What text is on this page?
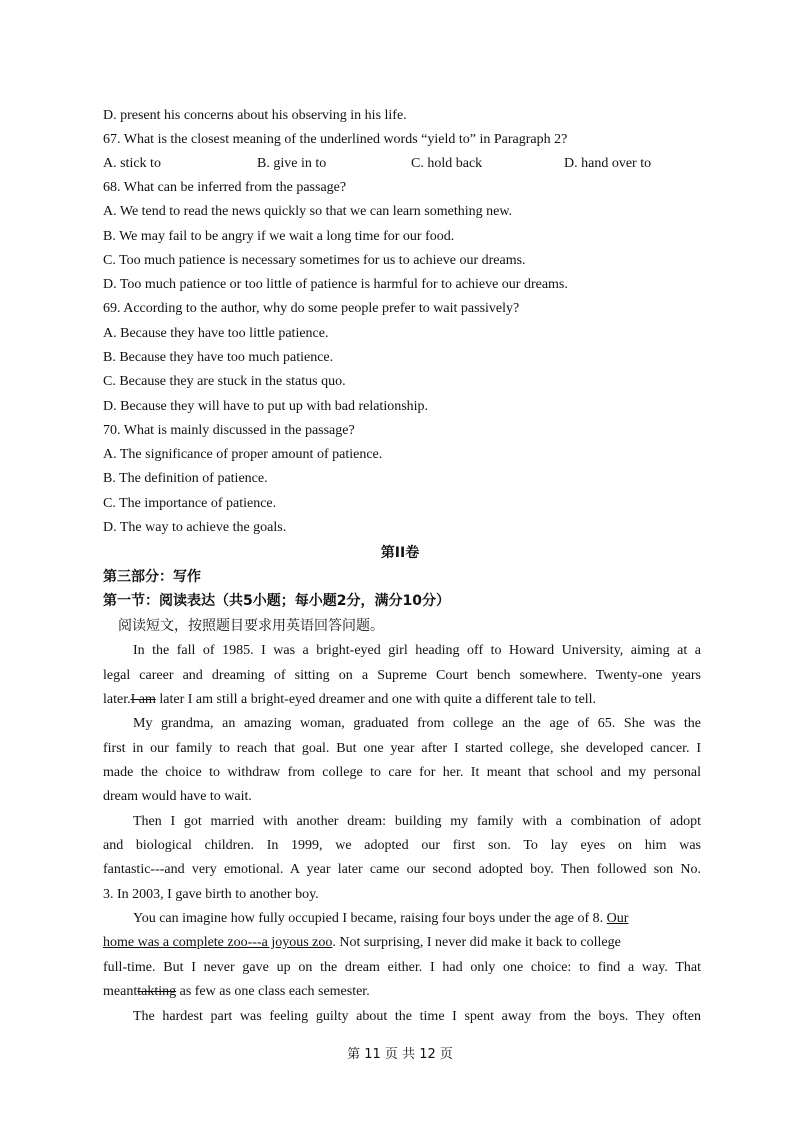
D. present his concerns about his observing in his life.
67. What is the closest meaning of the underlined words “yield to” in Paragraph 2?
A. stick to	B. give in to	C. hold back	D. hand over to
68. What can be inferred from the passage?
A. We tend to read the news quickly so that we can learn something new.
B. We may fail to be angry if we wait a long time for our food.
C. Too much patience is necessary sometimes for us to achieve our dreams.
D. Too much patience or too little of patience is harmful for to achieve our dreams.
69. According to the author, why do some people prefer to wait passively?
A. Because they have too little patience.
B. Because they have too much patience.
C. Because they are stuck in the status quo.
D. Because they will have to put up with bad relationship.
70. What is mainly discussed in the passage?
A. The significance of proper amount of patience.
B. The definition of patience.
C. The importance of patience.
D. The way to achieve the goals.
第II卷
第三部分：写作
第一节：阅读表达（共5小题；每小题2分，满分10分）
阅读短文，按照题目要求用英语回答问题。
In the fall of 1985. I was a bright-eyed girl heading off to Howard University, aiming at a
legal career and dreaming of sitting on a Supreme Court bench somewhere. Twenty-one years
later.I am later I am still a bright-eyed dreamer and one with quite a different tale to tell.
My grandma, an amazing woman, graduated from college an the age of 65. She was the
first in our family to reach that goal. But one year after I started college, she developed cancer. I
made the choice to withdraw from college to care for her. It meant that school and my personal
dream would have to wait.
Then I got married with another dream: building my family with a combination of adopt
and biological children. In 1999, we adopted our first son. To lay eyes on him was
fantastic---and very emotional. A year later came our second adopted boy. Then followed son No.
3. In 2003, I gave birth to another boy.
You can imagine how fully occupied I became, raising four boys under the age of 8. Our
home was a complete zoo---a joyous zoo. Not surprising, I never did make it back to college
full-time. But I never gave up on the dream either. I had only one choice: to find a way. That
meanttakting as few as one class each semester.
The hardest part was feeling guilty about the time I spent away from the boys. They often
第 11 页 共 12 页
